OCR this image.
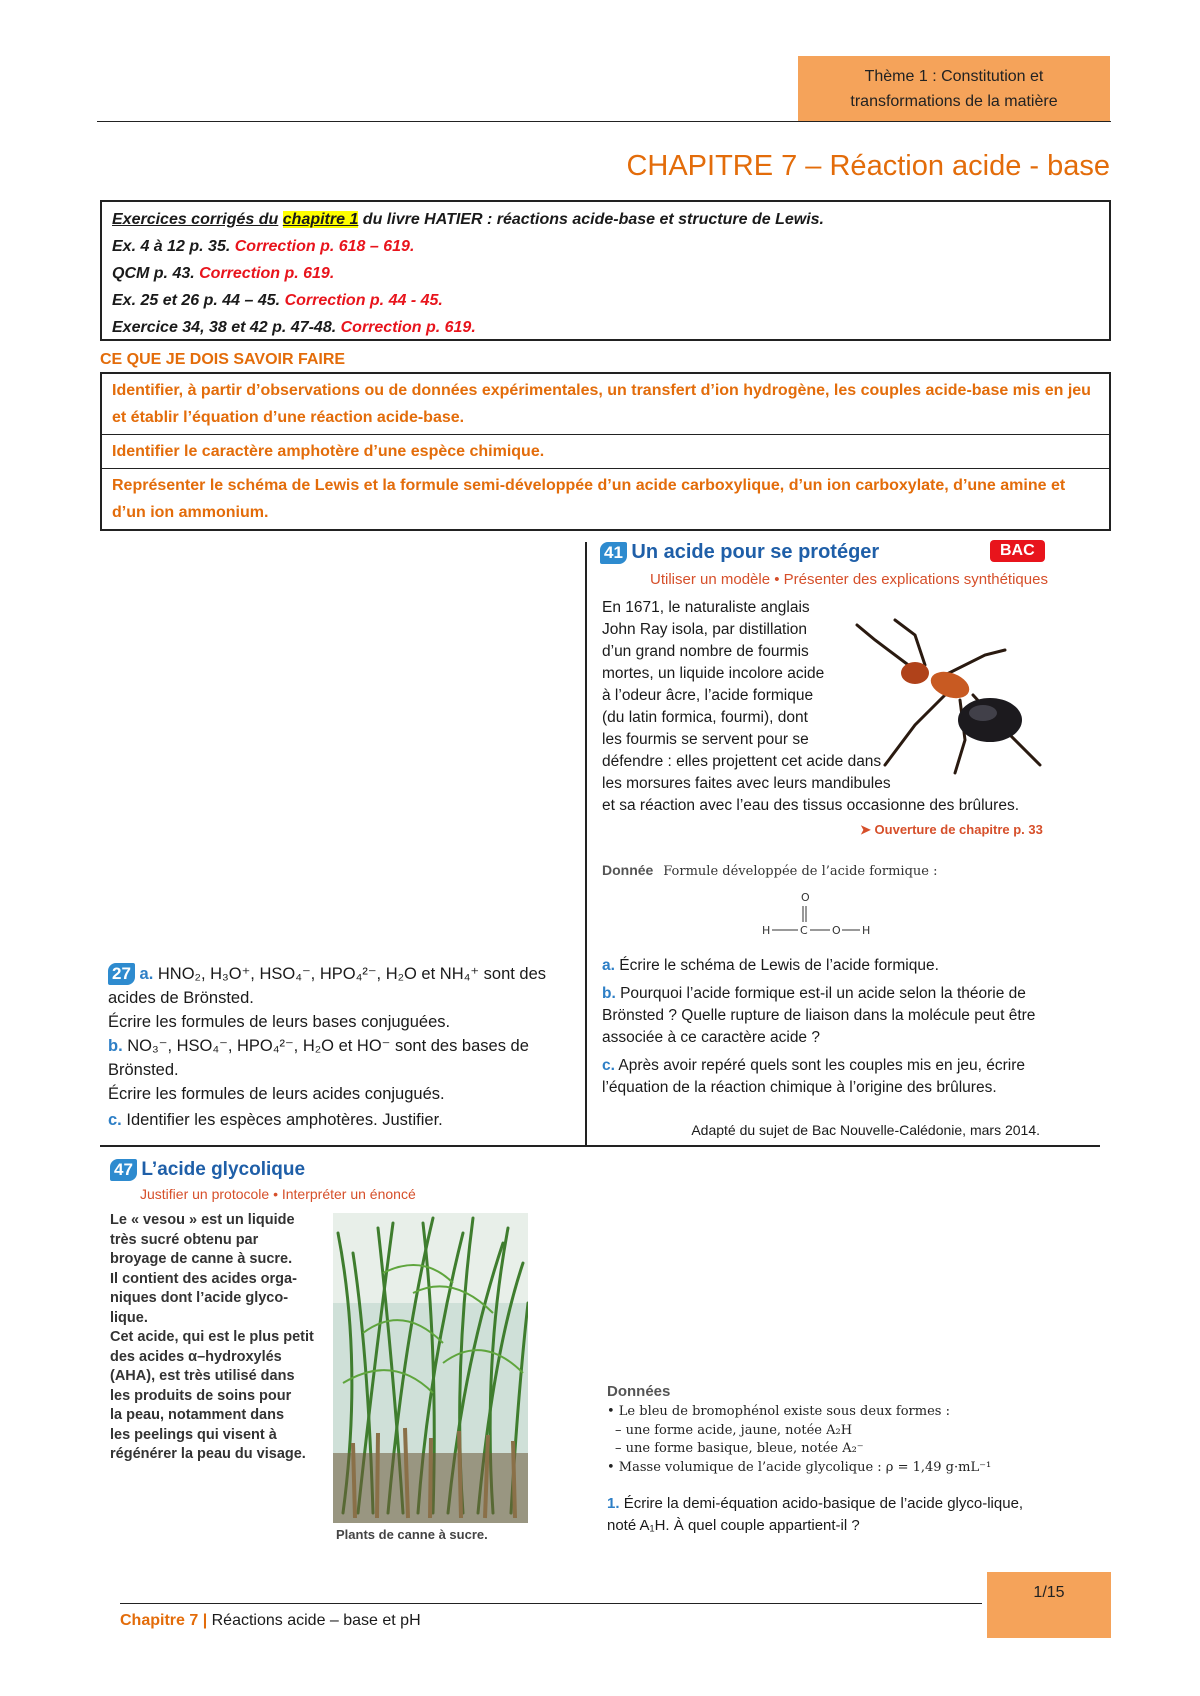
Thème 1 : Constitution et
transformations de la matière
CHAPITRE 7 – Réaction acide - base
Exercices corrigés du chapitre 1 du livre HATIER : réactions acide-base et structure de Lewis.
Ex. 4 à 12 p. 35. Correction p. 618 – 619.
QCM p. 43. Correction p. 619.
Ex. 25 et 26 p. 44 – 45. Correction p. 44 - 45.
Exercice 34, 38 et 42 p. 47-48. Correction p. 619.
CE QUE JE DOIS SAVOIR FAIRE
Identifier, à partir d’observations ou de données expérimentales, un transfert d’ion hydrogène, les couples acide-base mis en jeu et établir l’équation d’une réaction acide-base.
Identifier le caractère amphotère d’une espèce chimique.
Représenter le schéma de Lewis et la formule semi-développée d’un acide carboxylique, d’un ion carboxylate, d’une amine et d’un ion ammonium.
27 a. HNO₂, H₃O⁺, HSO₄⁻, HPO₄²⁻, H₂O et NH₄⁺ sont des acides de Brönsted.
Écrire les formules de leurs bases conjuguées.
b. NO₃⁻, HSO₄⁻, HPO₄²⁻, H₂O et HO⁻ sont des bases de Brönsted.
Écrire les formules de leurs acides conjugués.
c. Identifier les espèces amphotères. Justifier.
41 Un acide pour se protéger	BAC
Utiliser un modèle • Présenter des explications synthétiques
En 1671, le naturaliste anglais
John Ray isola, par distillation
d’un grand nombre de fourmis
mortes, un liquide incolore acide
à l’odeur âcre, l’acide formique
(du latin formica, fourmi), dont
les fourmis se servent pour se
défendre : elles projettent cet acide dans
les morsures faites avec leurs mandibules
et sa réaction avec l’eau des tissus occasionne des brûlures.
➤ Ouverture de chapitre p. 33
Donnée Formule développée de l’acide formique :
O
H	C O H
a. Écrire le schéma de Lewis de l’acide formique.
b. Pourquoi l’acide formique est-il un acide selon la théorie de Brönsted ? Quelle rupture de liaison dans la molécule peut être associée à ce caractère acide ?
c. Après avoir repéré quels sont les couples mis en jeu, écrire l’équation de la réaction chimique à l’origine des brûlures.
Adapté du sujet de Bac Nouvelle-Calédonie, mars 2014.
47 L’acide glycolique
Justifier un protocole • Interpréter un énoncé
Le « vesou » est un liquide
très sucré obtenu par
broyage de canne à sucre.
Il contient des acides orga-
niques dont l’acide glyco-
lique.
Cet acide, qui est le plus petit
des acides α–hydroxylés
(AHA), est très utilisé dans
les produits de soins pour
la peau, notamment dans
les peelings qui visent à
régénérer la peau du visage.
Plants de canne à sucre.
Données
• Le bleu de bromophénol existe sous deux formes :
– une forme acide, jaune, notée A₂H
– une forme basique, bleue, notée A₂⁻
• Masse volumique de l’acide glycolique : ρ = 1,49 g·mL⁻¹
1. Écrire la demi-équation acido-basique de l’acide glyco-lique, noté A₁H. À quel couple appartient-il ?
Chapitre 7 | Réactions acide – base et pH
1/15
